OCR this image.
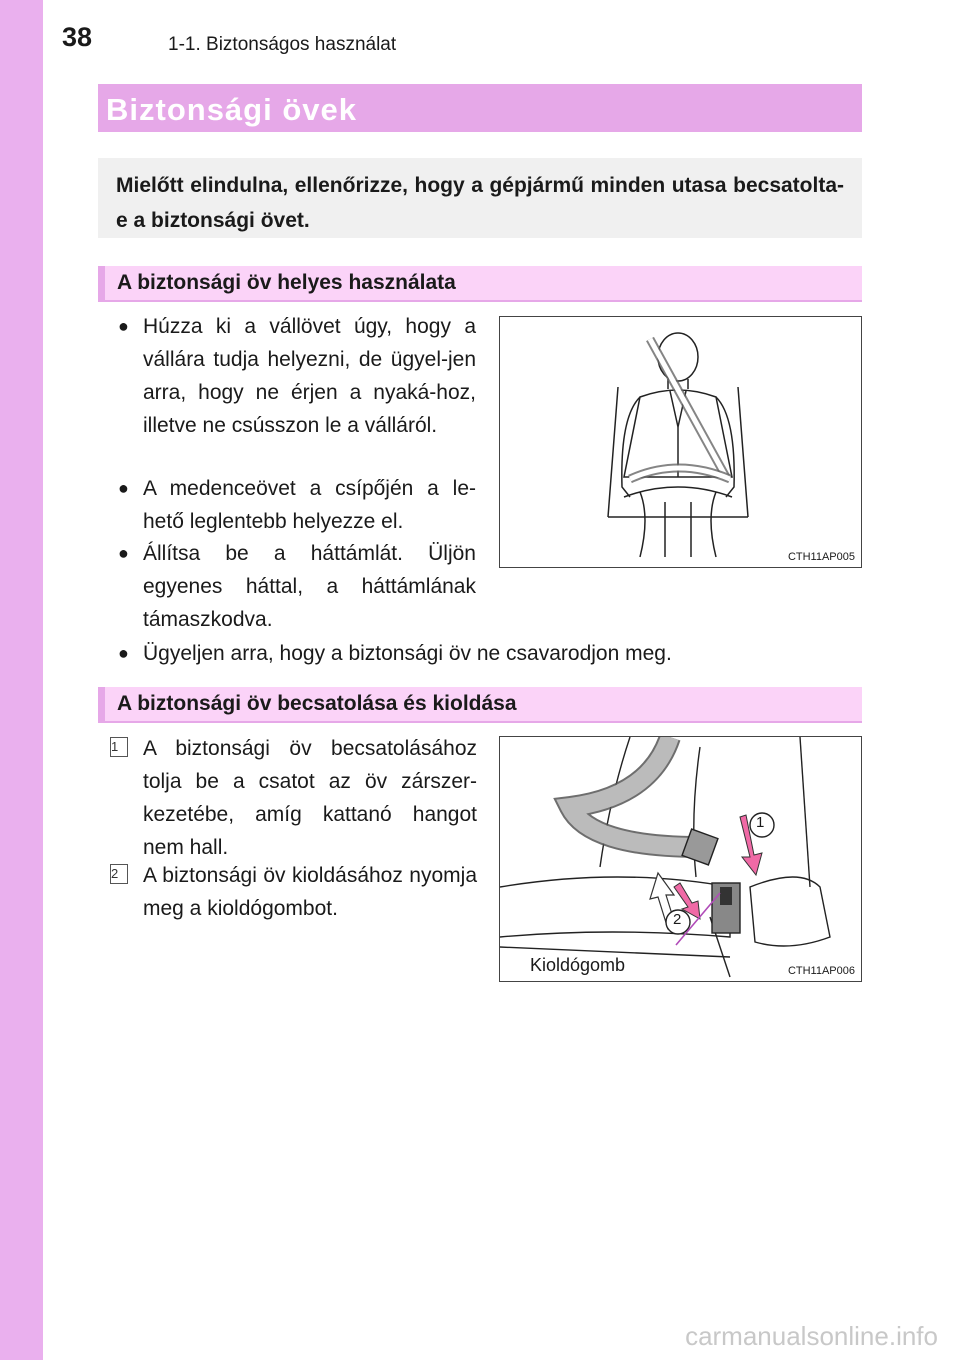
38	1-1. Biztonságos használat
Biztonsági övek
Mielőtt elindulna, ellenőrizze, hogy a gépjármű minden utasa becsatolta-e a biztonsági övet.
A biztonsági öv helyes használata
● Húzza ki a vállövet úgy, hogy a vállára tudja helyezni, de ügyel-jen arra, hogy ne érjen a nyaká-hoz, illetve ne csússzon le a válláról.
● A medenceövet a csípőjén a le-hető leglentebb helyezze el.
● Állítsa be a háttámlát. Üljön egyenes háttal, a háttámlának támaszkodva.
● Ügyeljen arra, hogy a biztonsági öv ne csavarodjon meg.
CTH11AP005
A biztonsági öv becsatolása és kioldása
1	A biztonsági öv becsatolásához tolja be a csatot az öv zárszer-kezetébe, amíg kattanó hangot nem hall.
2	A biztonsági öv kioldásához nyomja meg a kioldógombot.
1
2
Kioldógomb	CTH11AP006
carmanualsonline.info
